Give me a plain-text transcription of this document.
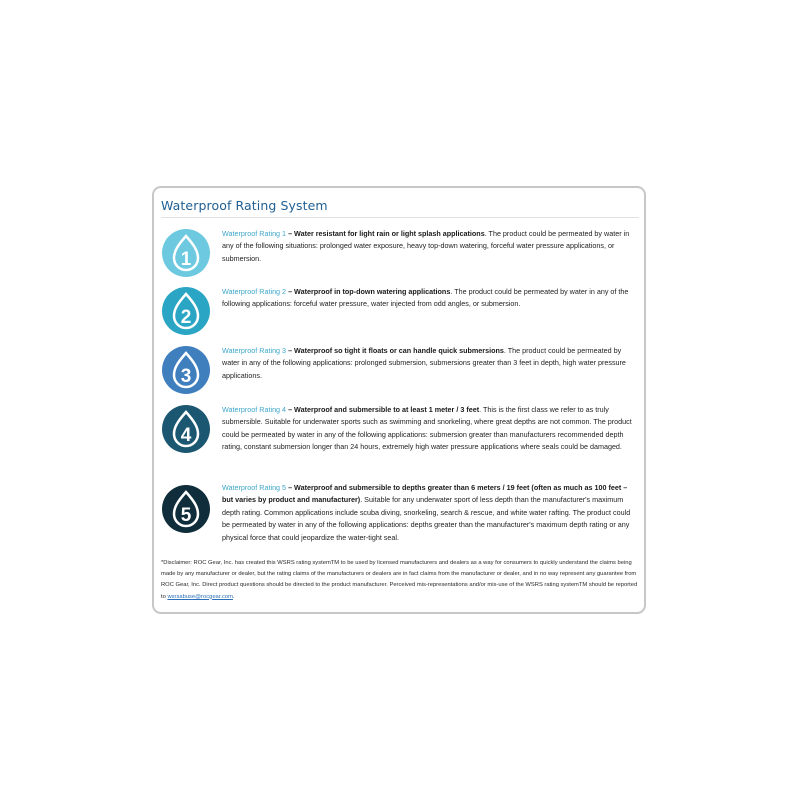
Waterproof Rating System
1
Waterproof Rating 1 – Water resistant for light rain or light splash applications. The product could be permeated by water in any of the following situations: prolonged water exposure, heavy top-down watering, forceful water pressure applications, or submersion.
2
Waterproof Rating 2 – Waterproof in top-down watering applications. The product could be permeated by water in any of the following applications: forceful water pressure, water injected from odd angles, or submersion.
3
Waterproof Rating 3 – Waterproof so tight it floats or can handle quick submersions. The product could be permeated by water in any of the following applications: prolonged submersion, submersions greater than 3 feet in depth, high water pressure applications.
4
Waterproof Rating 4 – Waterproof and submersible to at least 1 meter / 3 feet. This is the first class we refer to as truly submersible. Suitable for underwater sports such as swimming and snorkeling, where great depths are not common. The product could be permeated by water in any of the following applications: submersion greater than manufacturers recommended depth rating, constant submersion longer than 24 hours, extremely high water pressure applications where seals could be damaged.
5
Waterproof Rating 5 – Waterproof and submersible to depths greater than 6 meters / 19 feet (often as much as 100 feet – but varies by product and manufacturer). Suitable for any underwater sport of less depth than the manufacturer's maximum depth rating. Common applications include scuba diving, snorkeling, search & rescue, and white water rafting. The product could be permeated by water in any of the following applications: depths greater than the manufacturer's maximum depth rating or any physical force that could jeopardize the water-tight seal.
*Disclaimer: ROC Gear, Inc. has created this WSRS rating systemTM to be used by licensed manufacturers and dealers as a way for consumers to quickly understand the claims being made by any manufacturer or dealer, but the rating claims of the manufacturers or dealers are in fact claims from the manufacturer or dealer, and in no way represent any guarantee from ROC Gear, Inc. Direct product questions should be directed to the product manufacturer. Perceived mis-representations and/or mis-use of the WSRS rating systemTM should be reported to wsrsabuse@rocgear.com.
